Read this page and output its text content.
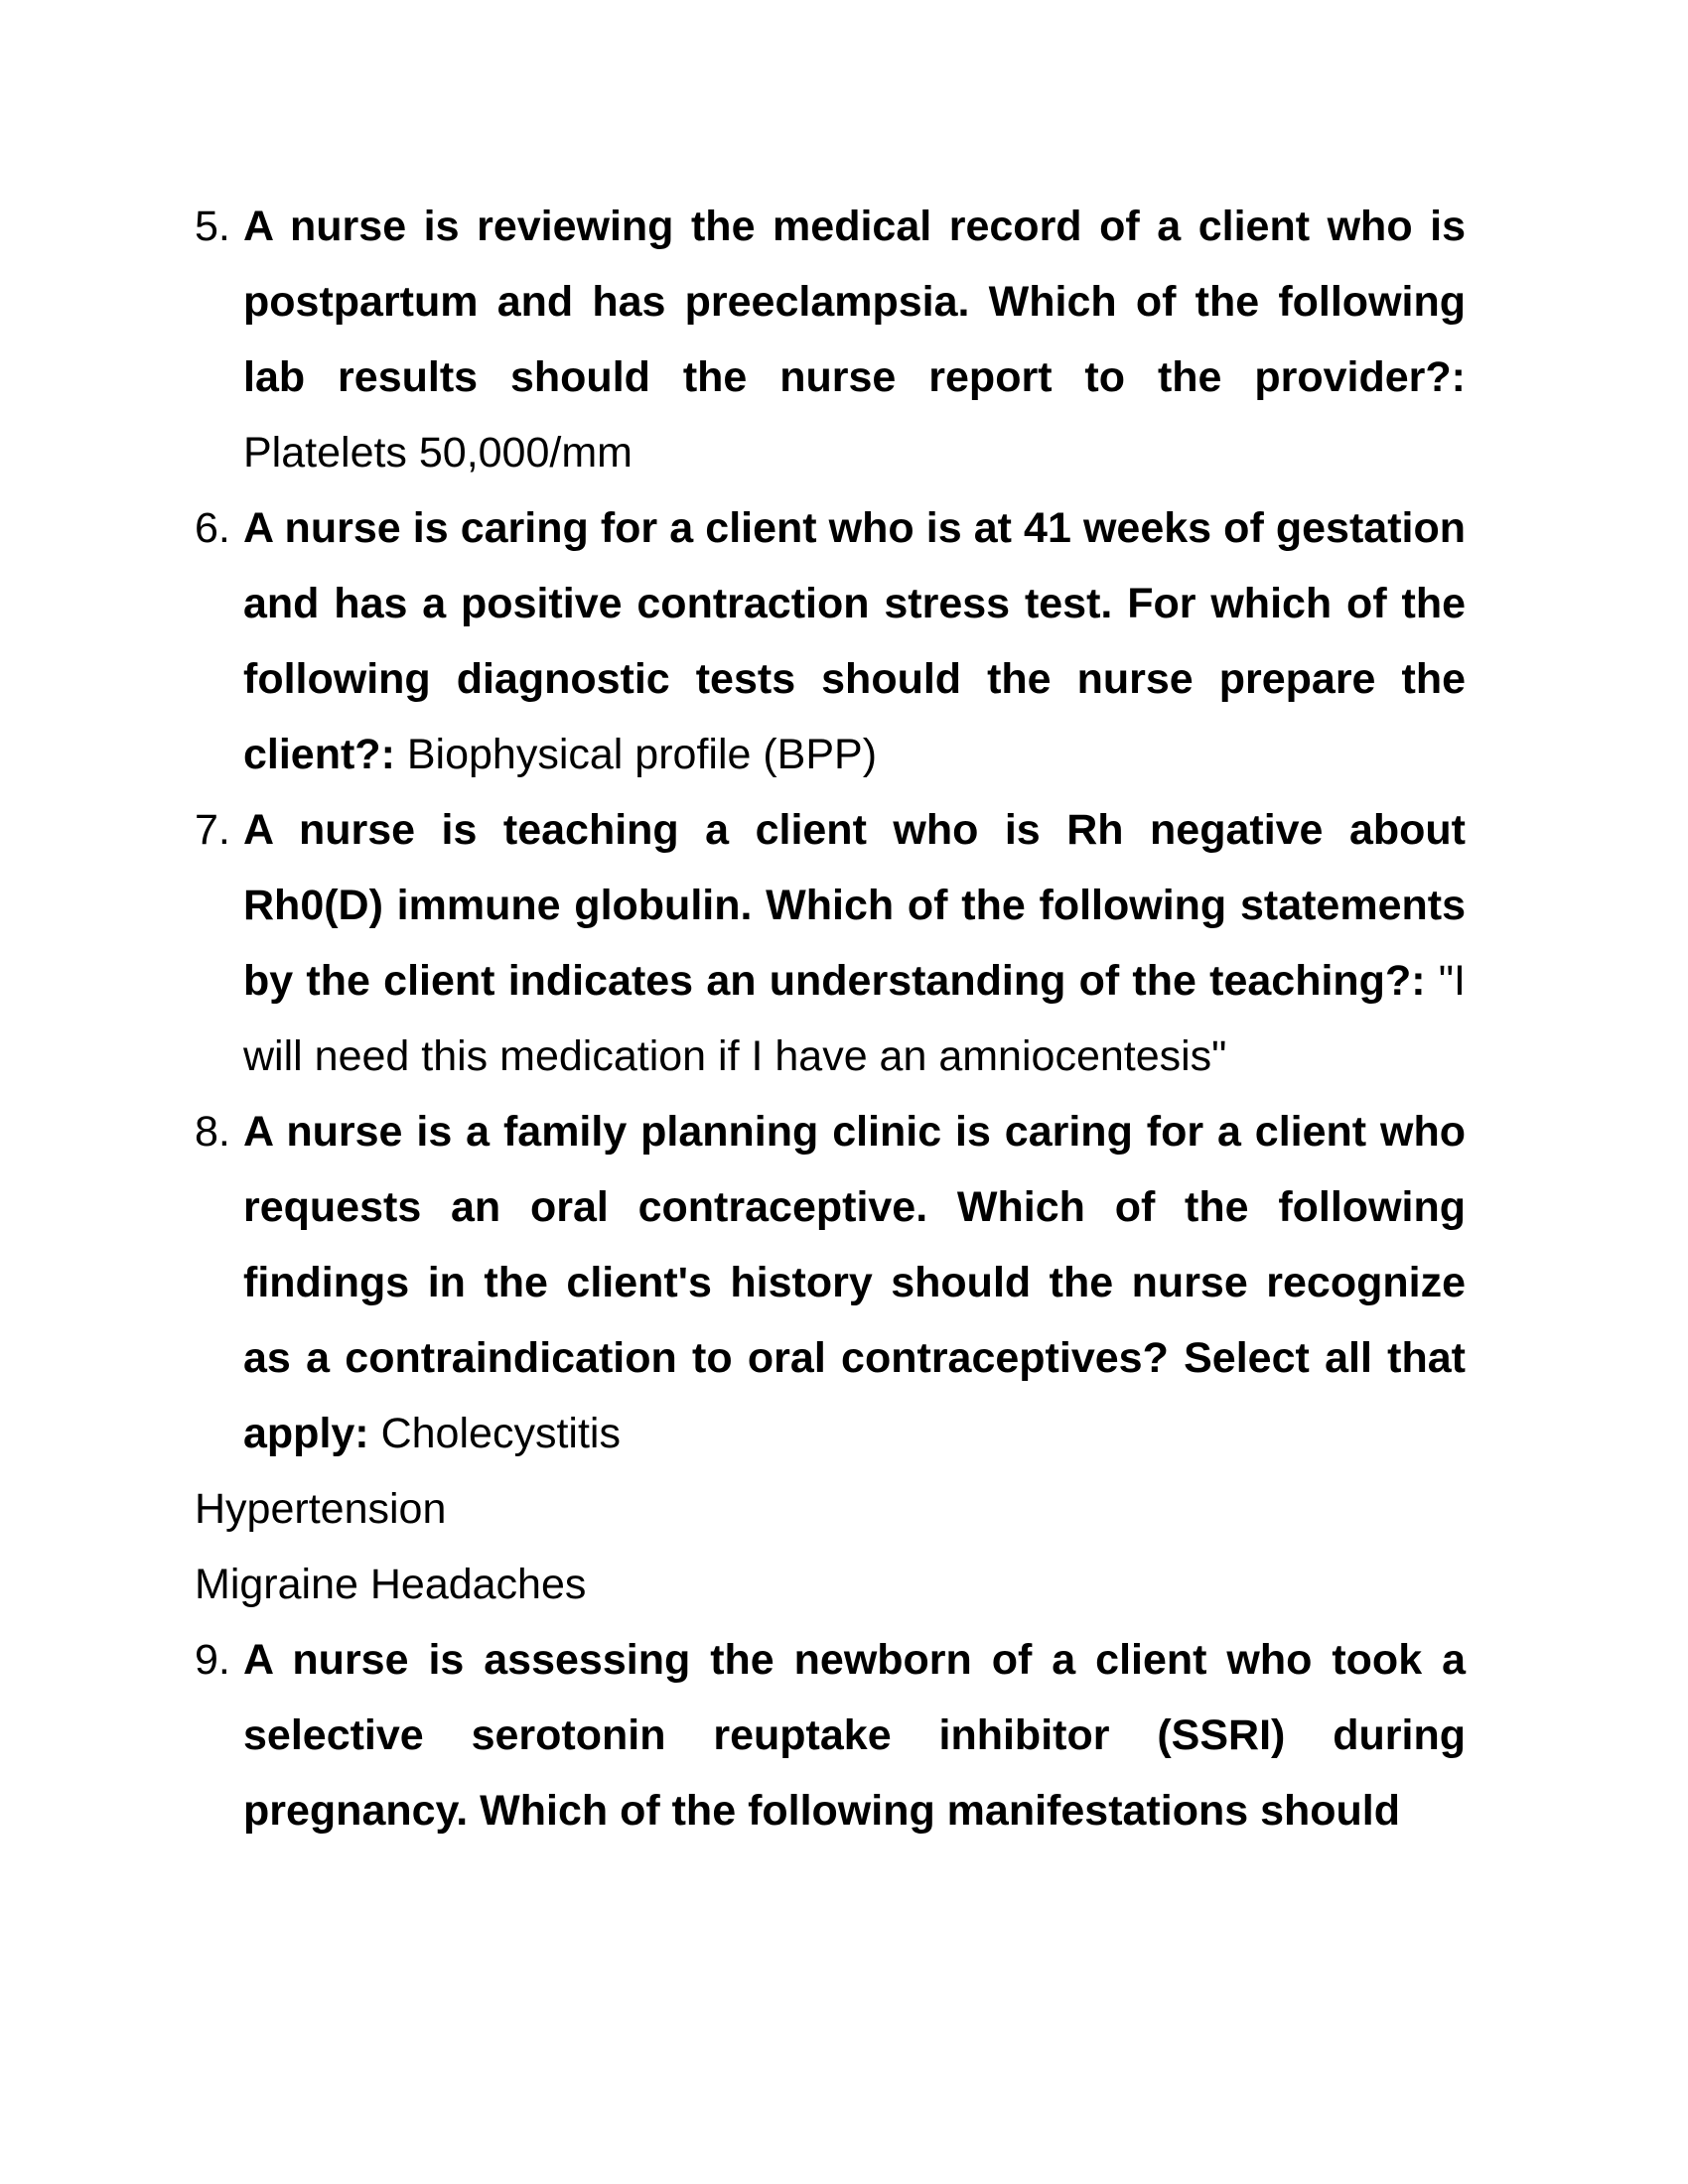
5. A nurse is reviewing the medical record of a client who is postpartum and has preeclampsia. Which of the following lab results should the nurse report to the provider?: Platelets 50,000/mm
6. A nurse is caring for a client who is at 41 weeks of gestation and has a positive contraction stress test. For which of the following diagnostic tests should the nurse prepare the client?: Biophysical profile (BPP)
7. A nurse is teaching a client who is Rh negative about Rh0(D) immune globulin. Which of the following statements by the client indicates an understanding of the teaching?: "I will need this medication if I have an amniocentesis"
8. A nurse is a family planning clinic is caring for a client who requests an oral contraceptive. Which of the following findings in the client's history should the nurse recognize as a contraindication to oral contraceptives? Select all that apply: Cholecystitis
Hypertension
Migraine Headaches
9. A nurse is assessing the newborn of a client who took a selective serotonin reuptake inhibitor (SSRI) during pregnancy. Which of the following manifestations should
